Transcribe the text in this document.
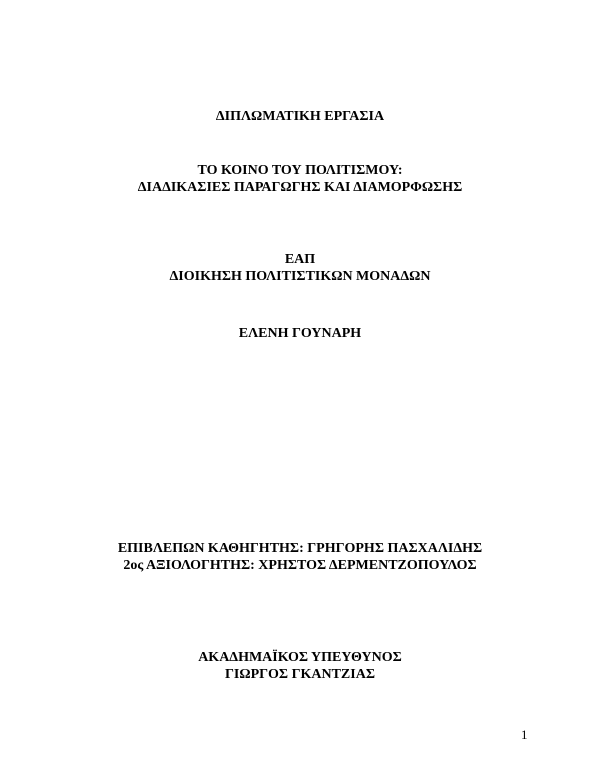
ΔΙΠΛΩΜΑΤΙΚΗ ΕΡΓΑΣΙΑ
ΤΟ ΚΟΙΝΟ ΤΟΥ ΠΟΛΙΤΙΣΜΟΥ:
ΔΙΑΔΙΚΑΣΙΕΣ ΠΑΡΑΓΩΓΗΣ ΚΑΙ ΔΙΑΜΟΡΦΩΣΗΣ
ΕΑΠ
ΔΙΟΙΚΗΣΗ ΠΟΛΙΤΙΣΤΙΚΩΝ ΜΟΝΑΔΩΝ
ΕΛΕΝΗ ΓΟΥΝΑΡΗ
ΕΠΙΒΛΕΠΩΝ ΚΑΘΗΓΗΤΗΣ: ΓΡΗΓΟΡΗΣ ΠΑΣΧΑΛΙΔΗΣ
2ος ΑΞΙΟΛΟΓΗΤΗΣ: ΧΡΗΣΤΟΣ ΔΕΡΜΕΝΤΖΟΠΟΥΛΟΣ
ΑΚΑΔΗΜΑΪΚΟΣ ΥΠΕΥΘΥΝΟΣ
ΓΙΩΡΓΟΣ ΓΚΑΝΤΖΙΑΣ
1
